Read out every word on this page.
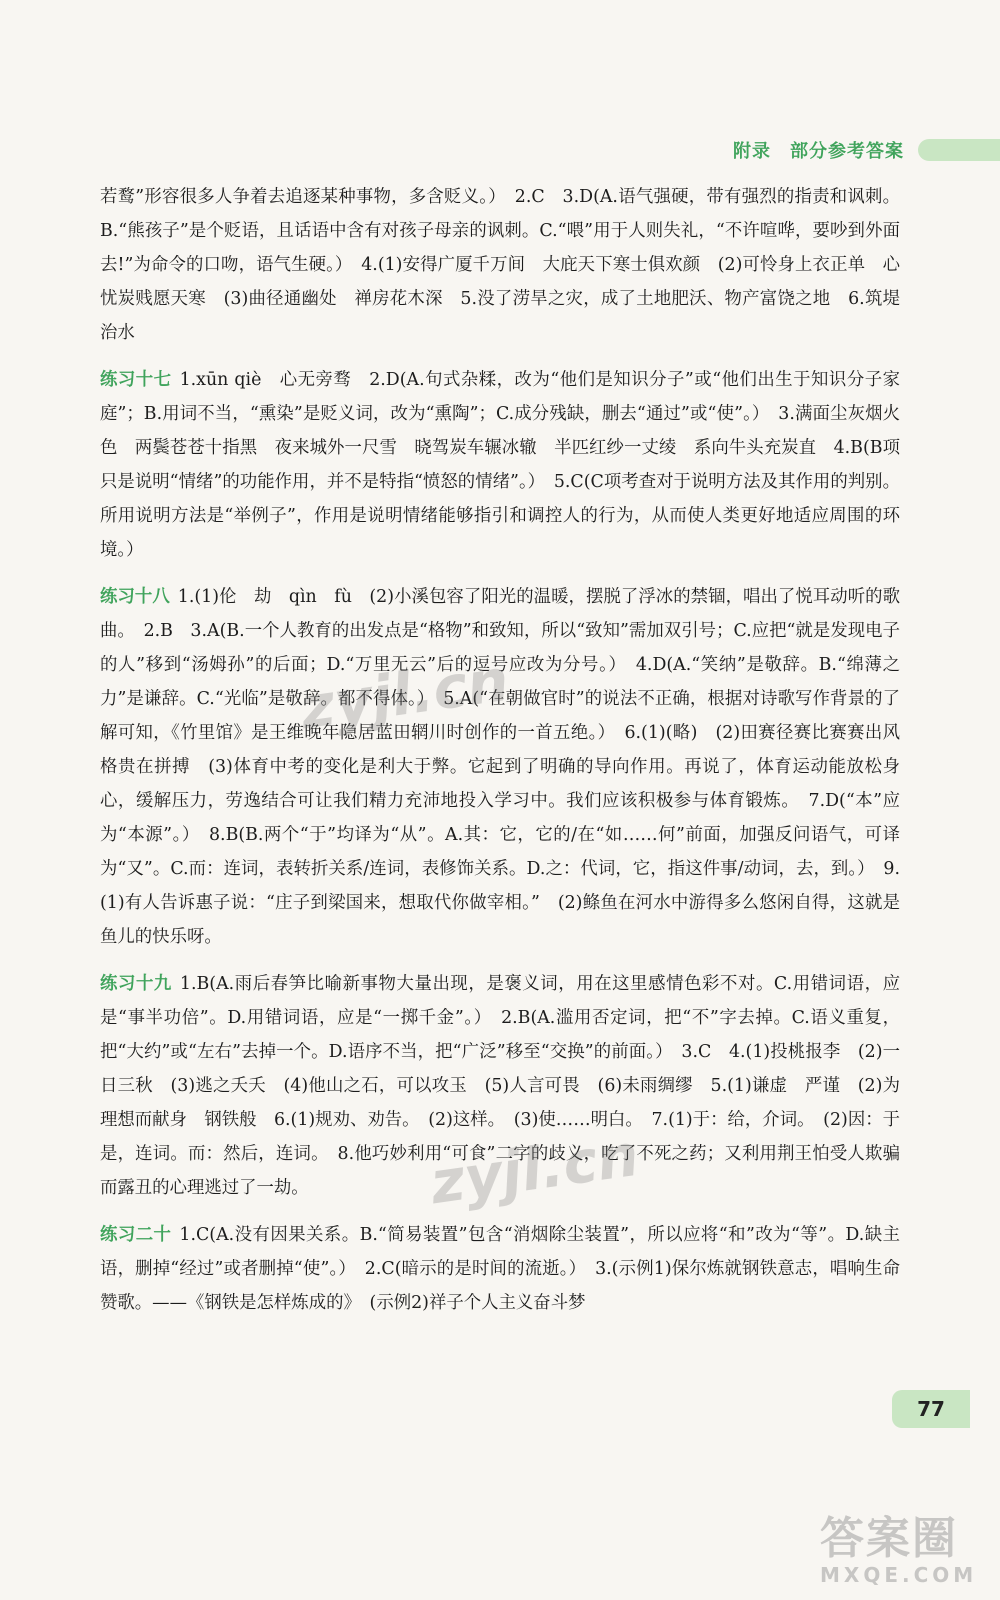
附录　部分参考答案

若鹜”形容很多人争着去追逐某种事物，多含贬义。）　2.C　3.D(A.语气强硬，带有强烈的指责和讽刺。B.“熊孩子”是个贬语，且话语中含有对孩子母亲的讽刺。C.“喂”用于人则失礼，“不许喧哗，要吵到外面去!”为命令的口吻，语气生硬。）　4.(1)安得广厦千万间　大庇天下寒士俱欢颜　(2)可怜身上衣正单　心忧炭贱愿天寒　(3)曲径通幽处　禅房花木深　5.没了涝旱之灾，成了土地肥沃、物产富饶之地　6.筑堤治水

练习十七 1.xūn qiè　心无旁骛　2.D(A.句式杂糅，改为“他们是知识分子”或“他们出生于知识分子家庭”；B.用词不当，“熏染”是贬义词，改为“熏陶”；C.成分残缺，删去“通过”或“使”。）　3.满面尘灰烟火色　两鬓苍苍十指黑　夜来城外一尺雪　晓驾炭车辗冰辙　半匹红纱一丈绫　系向牛头充炭直　4.B(B项只是说明“情绪”的功能作用，并不是特指“愤怒的情绪”。）　5.C(C项考查对于说明方法及其作用的判别。所用说明方法是“举例子”，作用是说明情绪能够指引和调控人的行为，从而使人类更好地适应周围的环境。）

练习十八 1.(1)伦　劫　qìn　fù　(2)小溪包容了阳光的温暖，摆脱了浮冰的禁锢，唱出了悦耳动听的歌曲。　2.B　3.A(B.一个人教育的出发点是“格物”和致知，所以“致知”需加双引号；C.应把“就是发现电子的人”移到“汤姆孙”的后面；D.“万里无云”后的逗号应改为分号。）　4.D(A.“笑纳”是敬辞。B.“绵薄之力”是谦辞。C.“光临”是敬辞。都不得体。）　5.A(“在朝做官时”的说法不正确，根据对诗歌写作背景的了解可知，《竹里馆》是王维晚年隐居蓝田辋川时创作的一首五绝。）　6.(1)(略)　(2)田赛径赛比赛赛出风格贵在拼搏　(3)体育中考的变化是利大于弊。它起到了明确的导向作用。再说了，体育运动能放松身心，缓解压力，劳逸结合可让我们精力充沛地投入学习中。我们应该积极参与体育锻炼。　7.D(“本”应为“本源”。）　8.B(B.两个“于”均译为“从”。A.其：它，它的/在“如……何”前面，加强反问语气，可译为“又”。C.而：连词，表转折关系/连词，表修饰关系。D.之：代词，它，指这件事/动词，去，到。）　9.(1)有人告诉惠子说：“庄子到梁国来，想取代你做宰相。”　(2)鲦鱼在河水中游得多么悠闲自得，这就是鱼儿的快乐呀。

练习十九 1.B(A.雨后春笋比喻新事物大量出现，是褒义词，用在这里感情色彩不对。C.用错词语，应是“事半功倍”。D.用错词语，应是“一掷千金”。）　2.B(A.滥用否定词，把“不”字去掉。C.语义重复，把“大约”或“左右”去掉一个。D.语序不当，把“广泛”移至“交换”的前面。）　3.C　4.(1)投桃报李　(2)一日三秋　(3)逃之夭夭　(4)他山之石，可以攻玉　(5)人言可畏　(6)未雨绸缪　5.(1)谦虚　严谨　(2)为理想而献身　钢铁般　6.(1)规劝、劝告。　(2)这样。　(3)使……明白。　7.(1)于：给，介词。　(2)因：于是，连词。而：然后，连词。　8.他巧妙利用“可食”二字的歧义，吃了不死之药；又利用荆王怕受人欺骗而露丑的心理逃过了一劫。

练习二十 1.C(A.没有因果关系。B.“简易装置”包含“消烟除尘装置”，所以应将“和”改为“等”。D.缺主语，删掉“经过”或者删掉“使”。）　2.C(暗示的是时间的流逝。）　3.(示例1)保尔炼就钢铁意志，唱响生命赞歌。——《钢铁是怎样炼成的》　(示例2)祥子个人主义奋斗梦

zyjl.cn
zyjl.cn
77
答案圈
MXQE.COM
